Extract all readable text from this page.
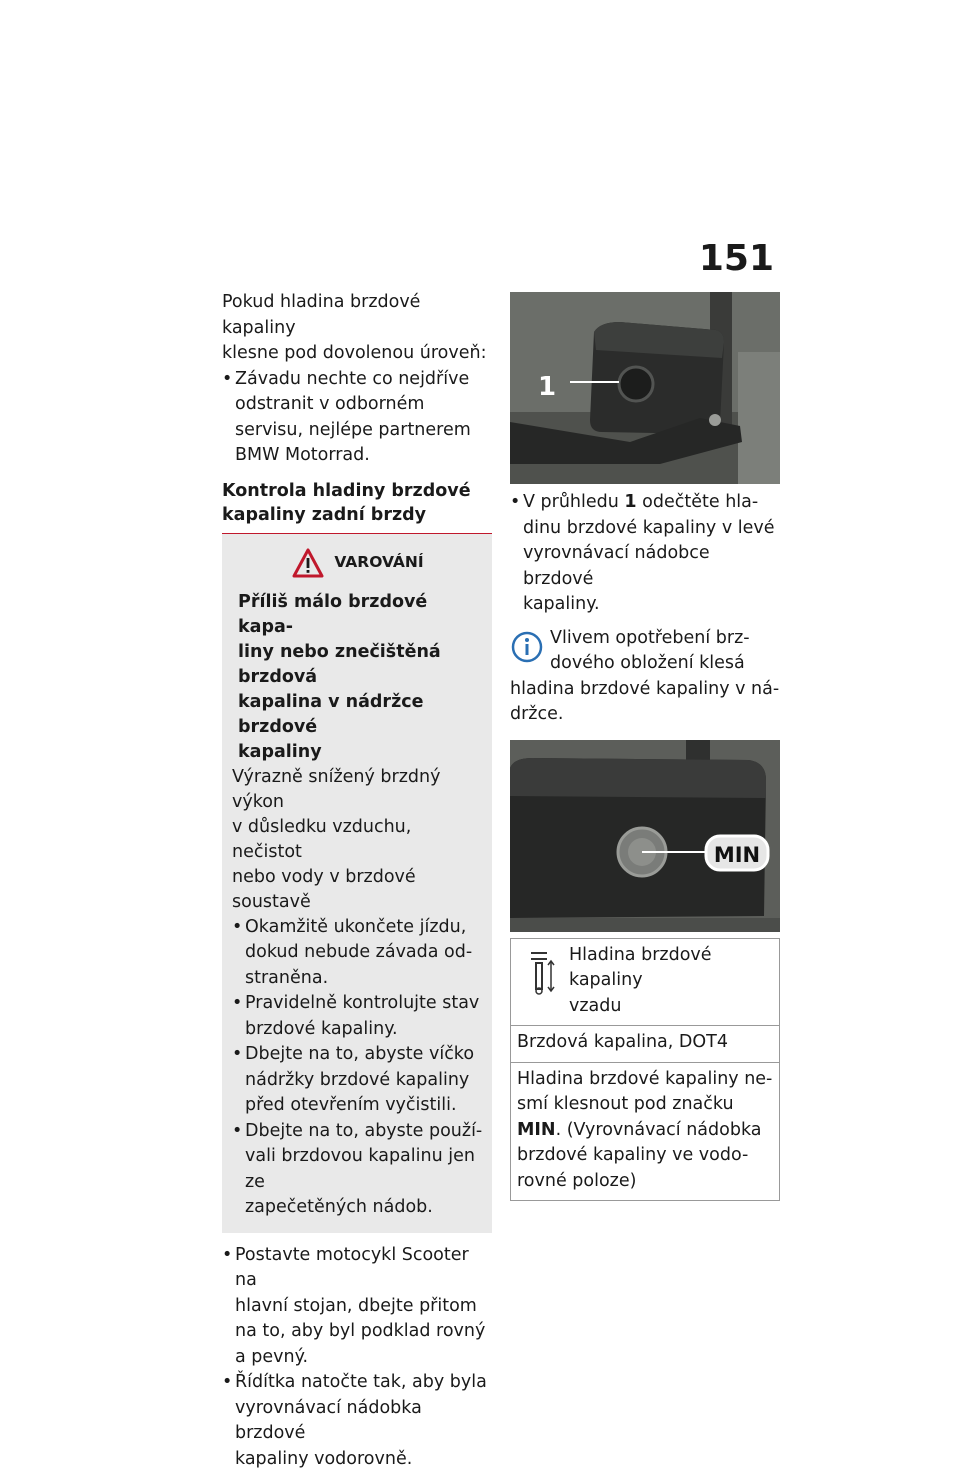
151

Pokud hladina brzdové kapaliny
klesne pod dovolenou úroveň:

• Závadu nechte co nejdříve
odstranit v odborném
servisu, nejlépe partnerem
BMW Motorrad.
Kontrola hladiny brzdové
kapaliny zadní brzdy
VAROVÁNÍ
Příliš málo brzdové kapa-
liny nebo znečištěná brzdová
kapalina v nádržce brzdové
kapaliny
Výrazně snížený brzdný výkon
v důsledku vzduchu, nečistot
nebo vody v brzdové soustavě
• Okamžitě ukončete jízdu,
dokud nebude závada od-
straněna.
• Pravidelně kontrolujte stav
brzdové kapaliny.
• Dbejte na to, abyste víčko
nádržky brzdové kapaliny
před otevřením vyčistili.
• Dbejte na to, abyste použí-
vali brzdovou kapalinu jen ze
zapečetěných nádob.
• Postavte motocykl Scooter na
hlavní stojan, dbejte přitom
na to, aby byl podklad rovný
a pevný.
• Řídítka natočte tak, aby byla
vyrovnávací nádobka brzdové
kapaliny vodorovně.
1
• V průhledu 1 odečtěte hla-
dinu brzdové kapaliny v levé
vyrovnávací nádobce brzdové
kapaliny.
Vlivem opotřebení brz-
dového obložení klesá
hladina brzdové kapaliny v ná-
držce.
MIN
Hladina brzdové kapaliny
vzadu
Brzdová kapalina, DOT4
Hladina brzdové kapaliny ne-
smí klesnout pod značku
MIN. (Vyrovnávací nádobka
brzdové kapaliny ve vodo-
rovné poloze)
